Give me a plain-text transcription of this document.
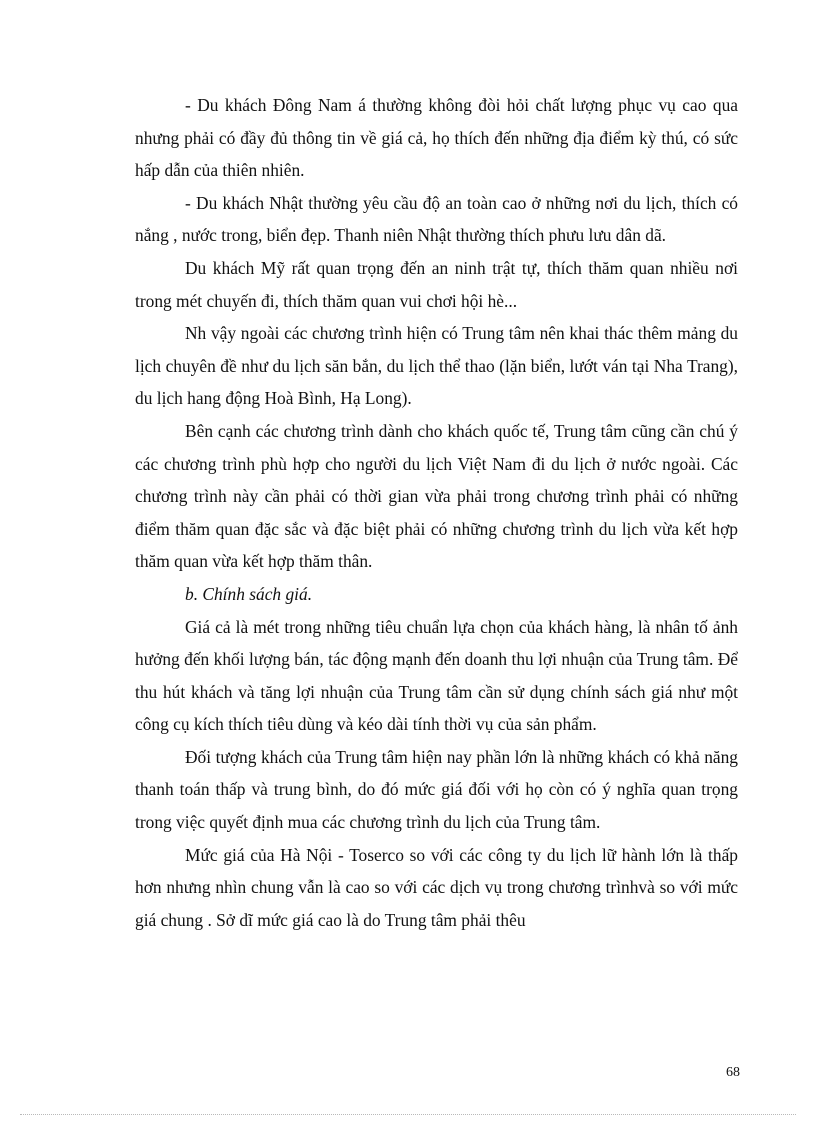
- Du khách Đông Nam á thường không đòi hỏi chất lượng phục vụ cao qua nhưng phải có đầy đủ thông tin về giá cả, họ thích đến những địa điểm kỳ thú, có sức hấp dẫn của thiên nhiên.

- Du khách Nhật thường yêu cầu độ an toàn cao ở những nơi du lịch, thích có nắng , nước trong, biển đẹp. Thanh niên Nhật thường thích phưu lưu dân dã.

Du khách Mỹ rất quan trọng đến an ninh trật tự, thích thăm quan nhiều nơi trong mét chuyến đi, thích thăm quan vui chơi hội hè...

Nh vậy ngoài các chương trình hiện có Trung tâm nên khai thác thêm mảng du lịch chuyên đề như du lịch săn bắn, du lịch thể thao (lặn biển, lướt ván tại Nha Trang), du lịch hang động Hoà Bình, Hạ Long).

Bên cạnh các chương trình dành cho khách quốc tế, Trung tâm cũng cần chú ý các chương trình phù hợp cho người du lịch Việt Nam đi du lịch ở nước ngoài. Các chương trình này cần phải có thời gian vừa phải trong chương trình phải có những điểm thăm quan đặc sắc và đặc biệt phải có những chương trình du lịch vừa kết hợp thăm quan vừa kết hợp thăm thân.

b. Chính sách giá.

Giá cả là mét trong những tiêu chuẩn lựa chọn của khách hàng, là nhân tố ảnh hưởng đến khối lượng bán, tác động mạnh đến doanh thu lợi nhuận của Trung tâm. Để thu hút khách và tăng lợi nhuận của Trung tâm cần sử dụng chính sách giá như một công cụ kích thích tiêu dùng và kéo dài tính thời vụ của sản phẩm.

Đối tượng khách của Trung tâm hiện nay phần lớn là những khách có khả năng thanh toán thấp và trung bình, do đó mức giá đối với họ còn có ý nghĩa quan trọng trong việc quyết định mua các chương trình du lịch của Trung tâm.

Mức giá của Hà Nội - Toserco so với các công ty du lịch lữ hành lớn là thấp hơn nhưng nhìn chung vẫn là cao so với các dịch vụ trong chương trìnhvà so với mức giá chung . Sở dĩ mức giá cao là do Trung tâm phải thêu

68
